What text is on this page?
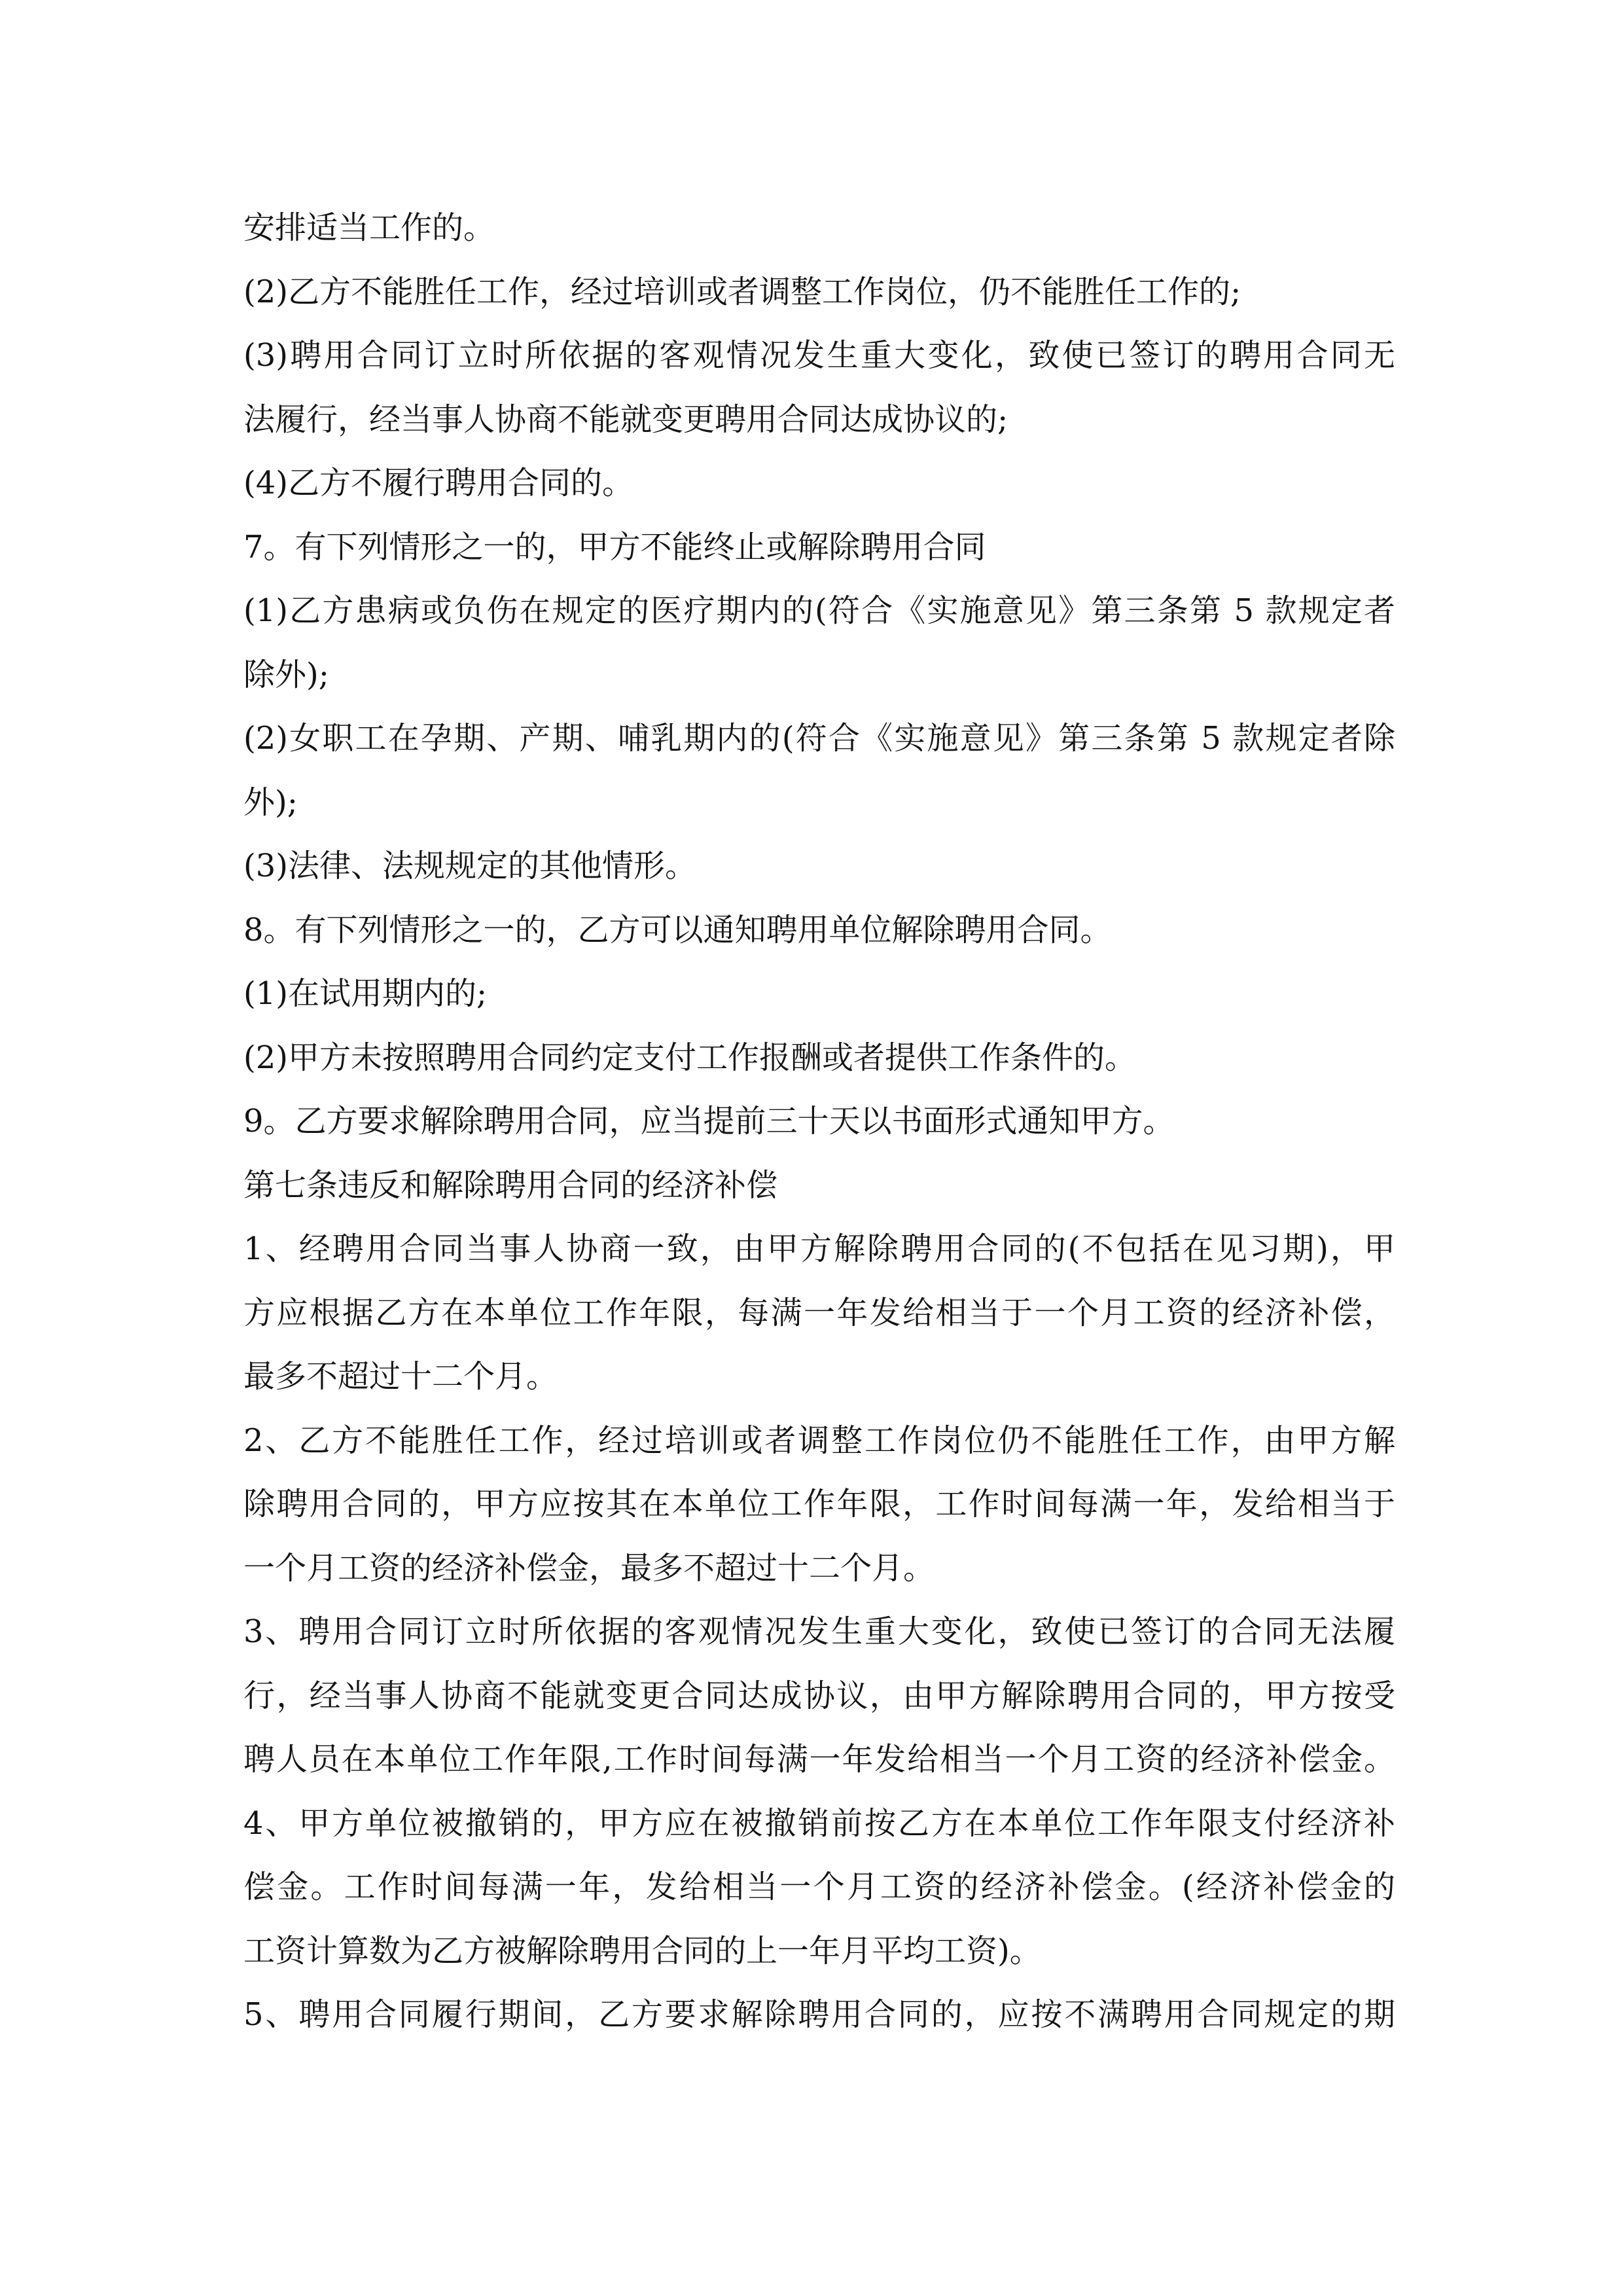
安排适当工作的。
(2)乙方不能胜任工作，经过培训或者调整工作岗位，仍不能胜任工作的;
(3)聘用合同订立时所依据的客观情况发生重大变化，致使已签订的聘用合同无
法履行，经当事人协商不能就变更聘用合同达成协议的;
(4)乙方不履行聘用合同的。
7。有下列情形之一的，甲方不能终止或解除聘用合同
(1)乙方患病或负伤在规定的医疗期内的(符合《实施意见》第三条第 5 款规定者
除外);
(2)女职工在孕期、产期、哺乳期内的(符合《实施意见》第三条第 5 款规定者除
外);
(3)法律、法规规定的其他情形。
8。有下列情形之一的，乙方可以通知聘用单位解除聘用合同。
(1)在试用期内的;
(2)甲方未按照聘用合同约定支付工作报酬或者提供工作条件的。
9。乙方要求解除聘用合同，应当提前三十天以书面形式通知甲方。
第七条违反和解除聘用合同的经济补偿
1、经聘用合同当事人协商一致，由甲方解除聘用合同的(不包括在见习期)，甲
方应根据乙方在本单位工作年限，每满一年发给相当于一个月工资的经济补偿，
最多不超过十二个月。
2、乙方不能胜任工作，经过培训或者调整工作岗位仍不能胜任工作，由甲方解
除聘用合同的，甲方应按其在本单位工作年限，工作时间每满一年，发给相当于
一个月工资的经济补偿金，最多不超过十二个月。
3、聘用合同订立时所依据的客观情况发生重大变化，致使已签订的合同无法履
行，经当事人协商不能就变更合同达成协议，由甲方解除聘用合同的，甲方按受
聘人员在本单位工作年限,工作时间每满一年发给相当一个月工资的经济补偿金。
4、甲方单位被撤销的，甲方应在被撤销前按乙方在本单位工作年限支付经济补
偿金。工作时间每满一年，发给相当一个月工资的经济补偿金。(经济补偿金的
工资计算数为乙方被解除聘用合同的上一年月平均工资)。
5、聘用合同履行期间，乙方要求解除聘用合同的，应按不满聘用合同规定的期
